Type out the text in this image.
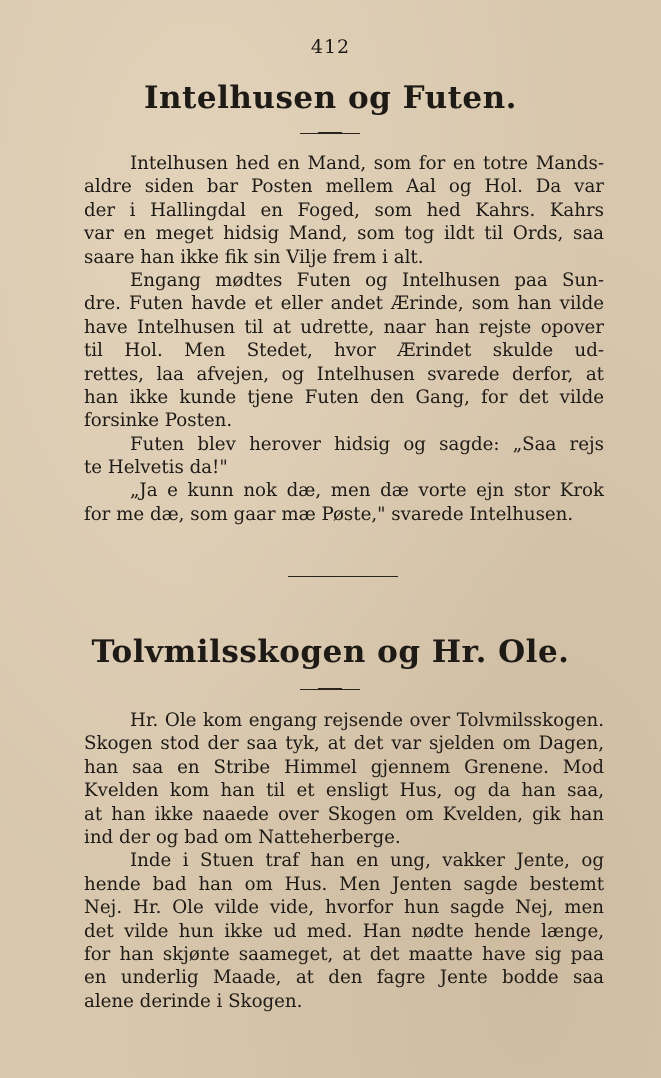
412
Intelhusen og Futen.
Intelhusen hed en Mand, som for en totre Mands-
aldre siden bar Posten mellem Aal og Hol. Da var
der i Hallingdal en Foged, som hed Kahrs. Kahrs
var en meget hidsig Mand, som tog ildt til Ords, saa
saare han ikke fik sin Vilje frem i alt.
Engang mødtes Futen og Intelhusen paa Sun-
dre. Futen havde et eller andet Ærinde, som han vilde
have Intelhusen til at udrette, naar han rejste opover
til Hol. Men Stedet, hvor Ærindet skulde ud-
rettes, laa afvejen, og Intelhusen svarede derfor, at
han ikke kunde tjene Futen den Gang, for det vilde
forsinke Posten.
Futen blev herover hidsig og sagde: „Saa rejs
te Helvetis da!"
„Ja e kunn nok dæ, men dæ vorte ejn stor Krok
for me dæ, som gaar mæ Pøste," svarede Intelhusen.
Tolvmilsskogen og Hr. Ole.
Hr. Ole kom engang rejsende over Tolvmilsskogen.
Skogen stod der saa tyk, at det var sjelden om Dagen,
han saa en Stribe Himmel gjennem Grenene. Mod
Kvelden kom han til et ensligt Hus, og da han saa,
at han ikke naaede over Skogen om Kvelden, gik han
ind der og bad om Natteherberge.
Inde i Stuen traf han en ung, vakker Jente, og
hende bad han om Hus. Men Jenten sagde bestemt
Nej. Hr. Ole vilde vide, hvorfor hun sagde Nej, men
det vilde hun ikke ud med. Han nødte hende længe,
for han skjønte saameget, at det maatte have sig paa
en underlig Maade, at den fagre Jente bodde saa
alene derinde i Skogen.
